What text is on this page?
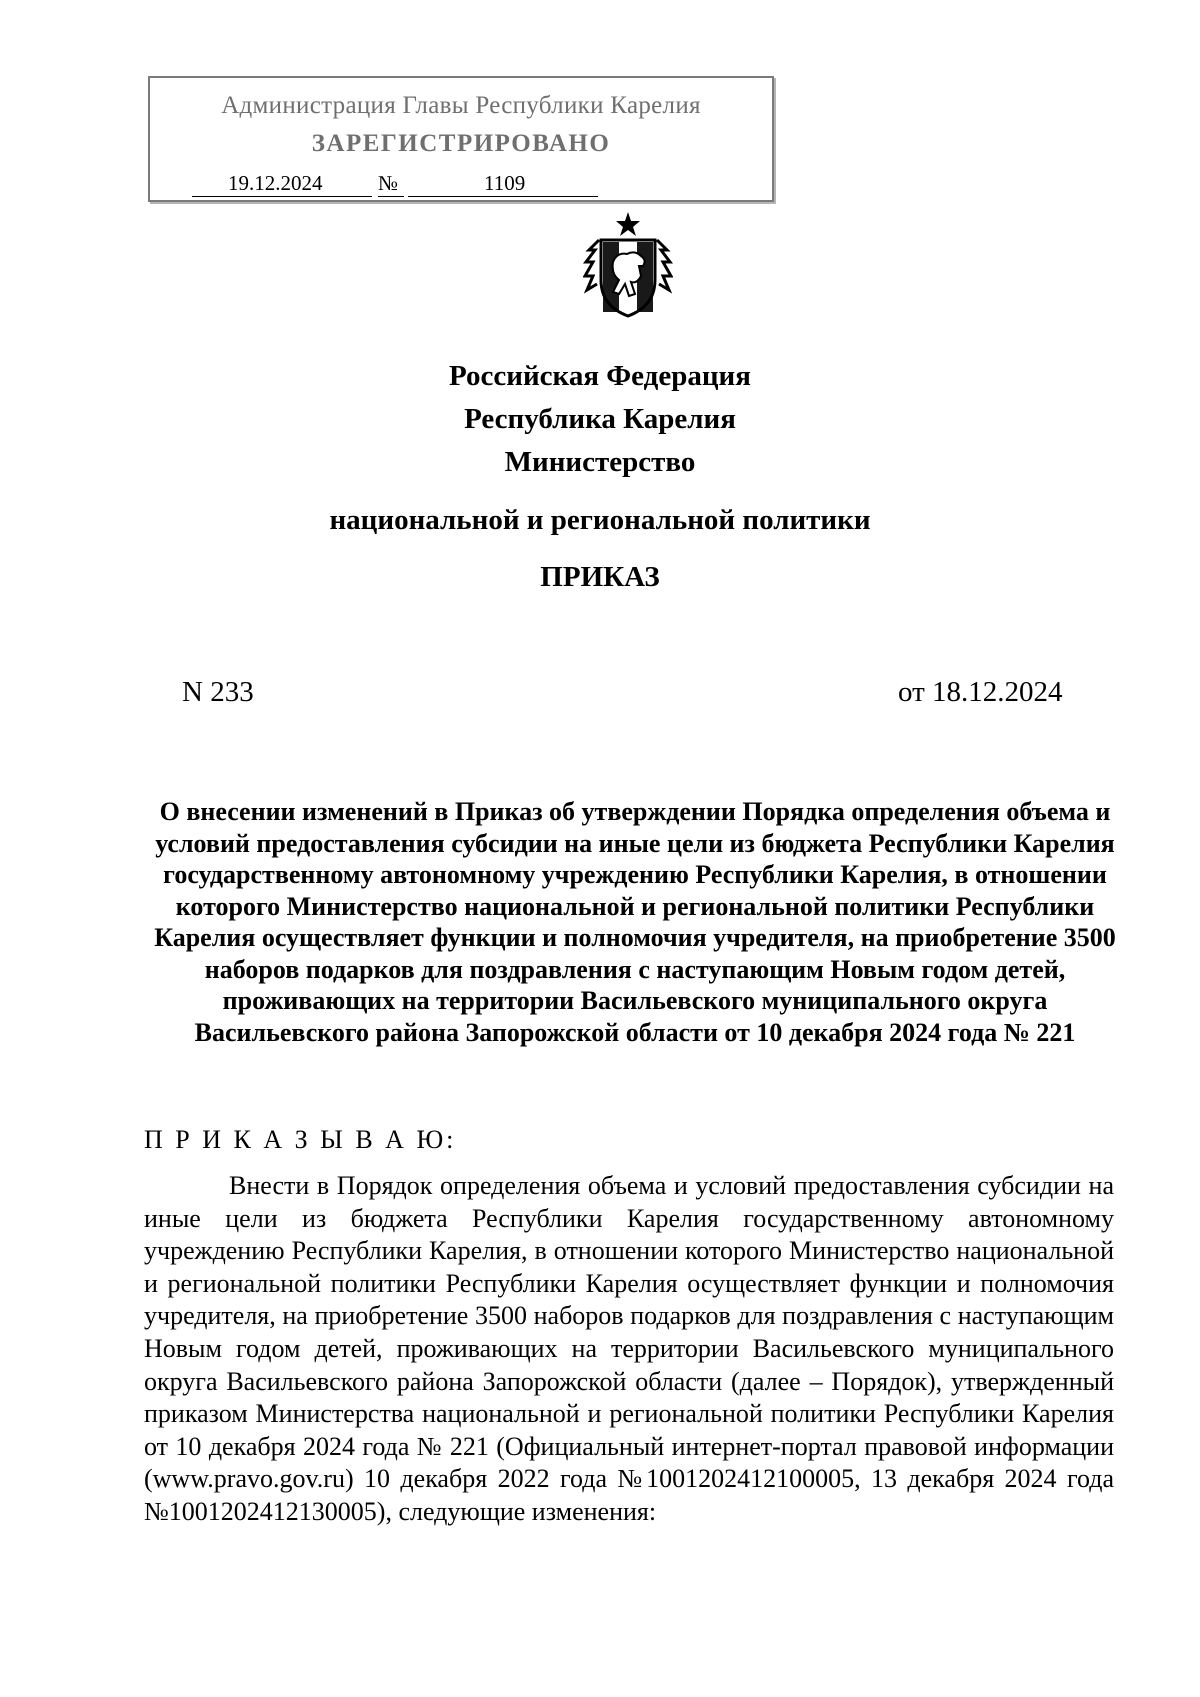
Администрация Главы Республики Карелия
ЗАРЕГИСТРИРОВАНО
19.12.2024	№	1109
Российская Федерация
Республика Карелия
Министерство
национальной и региональной политики
ПРИКАЗ
N 233	от 18.12.2024
О внесении изменений в Приказ об утверждении Порядка определения объема и условий предоставления субсидии на иные цели из бюджета Республики Карелия государственному автономному учреждению Республики Карелия, в отношении которого Министерство национальной и региональной политики Республики Карелия осуществляет функции и полномочия учредителя, на приобретение 3500 наборов подарков для поздравления с наступающим Новым годом детей, проживающих на территории Васильевского муниципального округа Васильевского района Запорожской области от 10 декабря 2024 года № 221
П Р И К А З Ы В А Ю:

Внести в Порядок определения объема и условий предоставления субсидии на иные цели из бюджета Республики Карелия государственному автономному учреждению Республики Карелия, в отношении которого Министерство национальной и региональной политики Республики Карелия осуществляет функции и полномочия учредителя, на приобретение 3500 наборов подарков для поздравления с наступающим Новым годом детей, проживающих на территории Васильевского муниципального округа Васильевского района Запорожской области (далее – Порядок), утвержденный приказом Министерства национальной и региональной политики Республики Карелия от 10 декабря 2024 года № 221 (Официальный интернет-портал правовой информации (www.pravo.gov.ru) 10 декабря 2022 года №1001202412100005, 13 декабря 2024 года №1001202412130005), следующие изменения:
